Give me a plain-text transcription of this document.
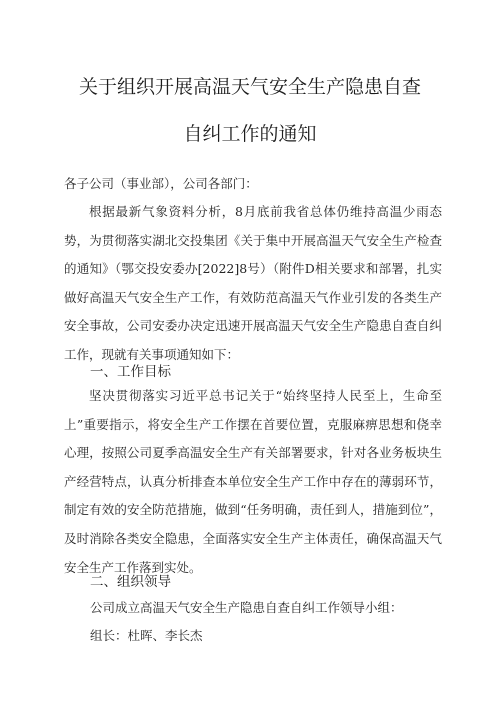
关于组织开展高温天气安全生产隐患自查
自纠工作的通知
各子公司（事业部），公司各部门：
根据最新气象资料分析，8月底前我省总体仍维持高温少雨态势，为贯彻落实湖北交投集团《关于集中开展高温天气安全生产检查的通知》（鄂交投安委办[2022]8号）（附件D相关要求和部署，扎实做好高温天气安全生产工作，有效防范高温天气作业引发的各类生产安全事故，公司安委办决定迅速开展高温天气安全生产隐患自查自纠工作，现就有关事项通知如下：
一、工作目标
坚决贯彻落实习近平总书记关于“始终坚持人民至上，生命至上”重要指示，将安全生产工作摆在首要位置，克服麻痹思想和侥幸心理，按照公司夏季高温安全生产有关部署要求，针对各业务板块生产经营特点，认真分析排查本单位安全生产工作中存在的薄弱环节，制定有效的安全防范措施，做到“任务明确，责任到人，措施到位”，及时消除各类安全隐患，全面落实安全生产主体责任，确保高温天气安全生产工作落到实处。
二、组织领导
公司成立高温天气安全生产隐患自查自纠工作领导小组：
组长：杜晖、李长杰
